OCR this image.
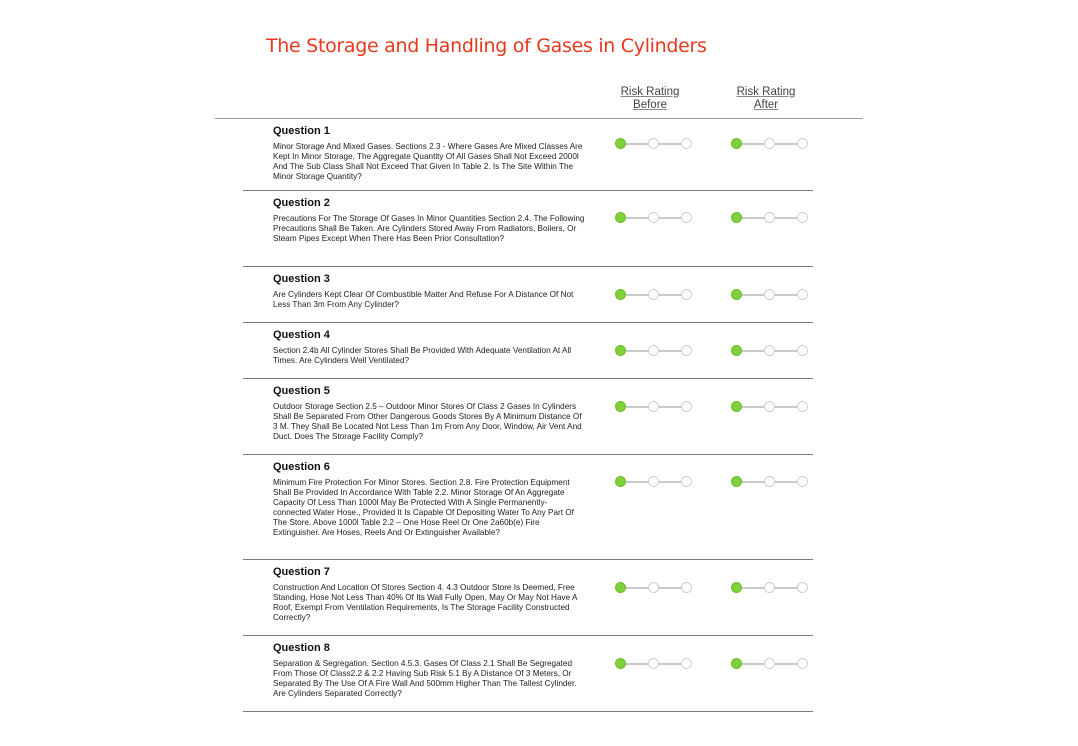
The Storage and Handling of Gases in Cylinders
Risk Rating
Before
Risk Rating
After
Question 1
Minor Storage And Mixed Gases. Sections 2.3 - Where Gases Are Mixed Classes Are Kept In Minor Storage, The Aggregate Quantity Of All Gases Shall Not Exceed 2000l And The Sub Class Shall Not Exceed That Given In Table 2. Is The Site Within The Minor Storage Quantity?
Question 2
Precautions For The Storage Of Gases In Minor Quantities Section 2.4. The Following Precautions Shall Be Taken. Are Cylinders Stored Away From Radiators, Boilers, Or Steam Pipes Except When There Has Been Prior Consultation?
Question 3
Are Cylinders Kept Clear Of Combustible Matter And Refuse For A Distance Of Not Less Than 3m From Any Cylinder?
Question 4
Section 2.4b All Cylinder Stores Shall Be Provided With Adequate Ventilation At All Times. Are Cylinders Well Ventilated?
Question 5
Outdoor Storage Section 2.5 – Outdoor Minor Stores Of Class 2 Gases In Cylinders Shall Be Separated From Other Dangerous Goods Stores By A Minimum Distance Of 3 M. They Shall Be Located Not Less Than 1m From Any Door, Window, Air Vent And Duct. Does The Storage Facility Comply?
Question 6
Minimum Fire Protection For Minor Stores. Section 2.8. Fire Protection Equipment Shall Be Provided In Accordance With Table 2.2. Minor Storage Of An Aggregate Capacity Of Less Than 1000l May Be Protected With A Single Permanently-connected Water Hose., Provided It Is Capable Of Depositing Water To Any Part Of The Store. Above 1000l Table 2.2 – One Hose Reel Or One 2a60b(e) Fire Extinguisher. Are Hoses, Reels And Or Extinguisher Available?
Question 7
Construction And Location Of Stores Section 4. 4.3 Outdoor Store Is Deemed, Free Standing, Hose Not Less Than 40% Of Its Wall Fully Open, May Or May Not Have A Roof, Exempt From Ventilation Requirements, Is The Storage Facility Constructed Correctly?
Question 8
Separation & Segregation. Section 4.5.3. Gases Of Class 2.1 Shall Be Segregated From Those Of Class2.2 & 2.2 Having Sub Risk 5.1 By A Distance Of 3 Meters, Or Separated By The Use Of A Fire Wall And 500mm Higher Than The Tallest Cylinder. Are Cylinders Separated Correctly?
